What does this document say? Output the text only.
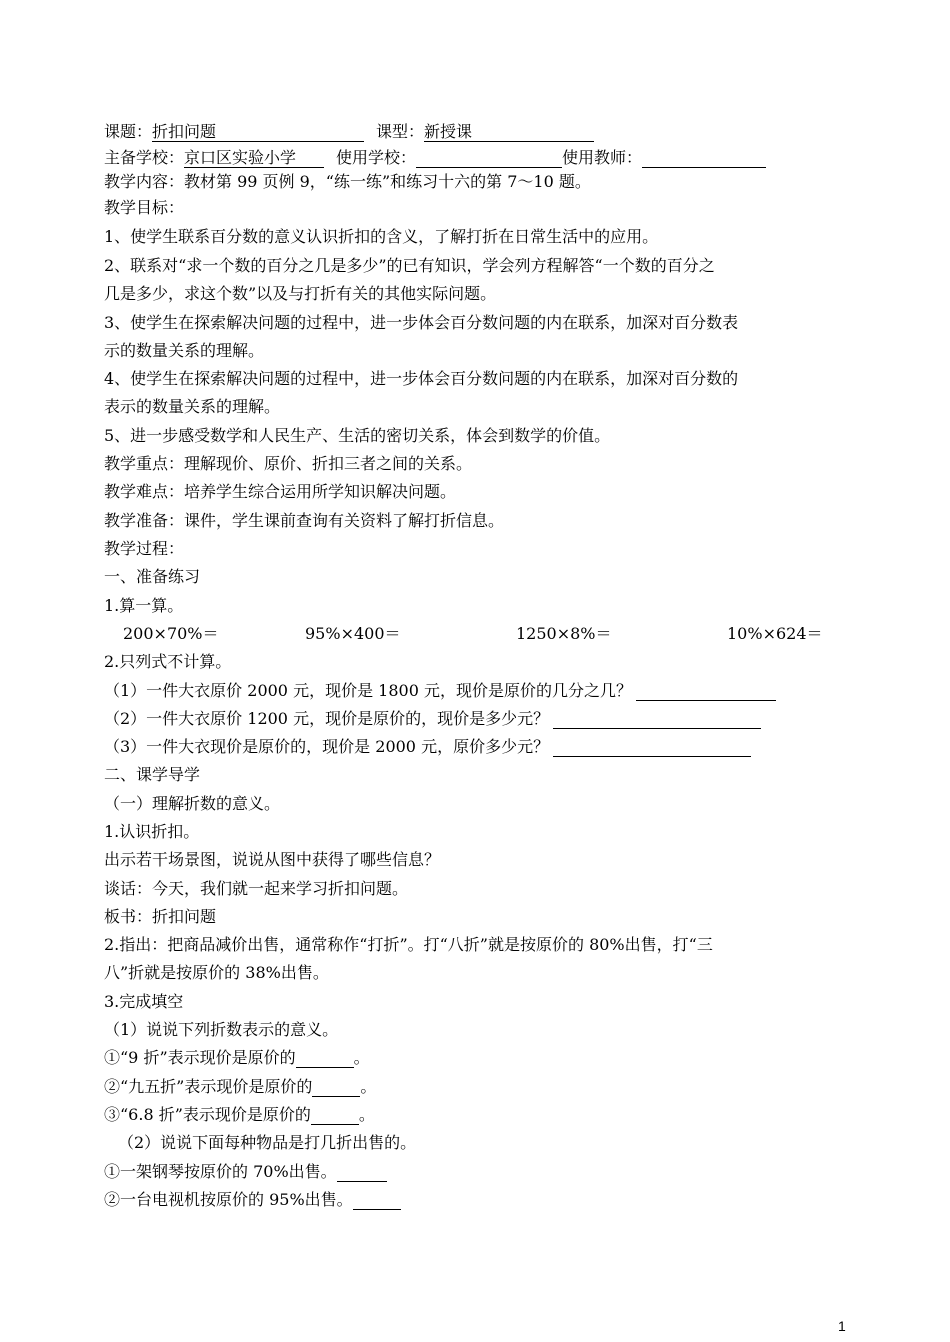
课题：折扣问题	课型：新授课
主备学校：京口区实验小学	使用学校：	使用教师：
教学内容：教材第 99 页例 9，“练一练”和练习十六的第 7～10 题。
教学目标：
1、使学生联系百分数的意义认识折扣的含义，了解打折在日常生活中的应用。
2、联系对“求一个数的百分之几是多少”的已有知识，学会列方程解答“一个数的百分之
几是多少，求这个数”以及与打折有关的其他实际问题。
3、使学生在探索解决问题的过程中，进一步体会百分数问题的内在联系，加深对百分数表
示的数量关系的理解。
4、使学生在探索解决问题的过程中，进一步体会百分数问题的内在联系，加深对百分数的
表示的数量关系的理解。
5、进一步感受数学和人民生产、生活的密切关系，体会到数学的价值。
教学重点：理解现价、原价、折扣三者之间的关系。
教学难点：培养学生综合运用所学知识解决问题。
教学准备：课件，学生课前查询有关资料了解打折信息。
教学过程：
一、准备练习
1.算一算。
200×70%＝	95%×400＝	1250×8%＝	10%×624＝
2.只列式不计算。
（1）一件大衣原价 2000 元，现价是 1800 元，现价是原价的几分之几？
（2）一件大衣原价 1200 元，现价是原价的，现价是多少元？
（3）一件大衣现价是原价的，现价是 2000 元，原价多少元？
二、课学导学
（一）理解折数的意义。
1.认识折扣。
出示若干场景图，说说从图中获得了哪些信息？
谈话：今天，我们就一起来学习折扣问题。
板书：折扣问题
2.指出：把商品减价出售，通常称作“打折”。打“八折”就是按原价的 80%出售，打“三
八”折就是按原价的 38%出售。
3.完成填空
（1）说说下列折数表示的意义。
①“9 折”表示现价是原价的	。
②“九五折”表示现价是原价的	。
③“6.8 折”表示现价是原价的	。
（2）说说下面每种物品是打几折出售的。
①一架钢琴按原价的 70%出售。
②一台电视机按原价的 95%出售。
1
